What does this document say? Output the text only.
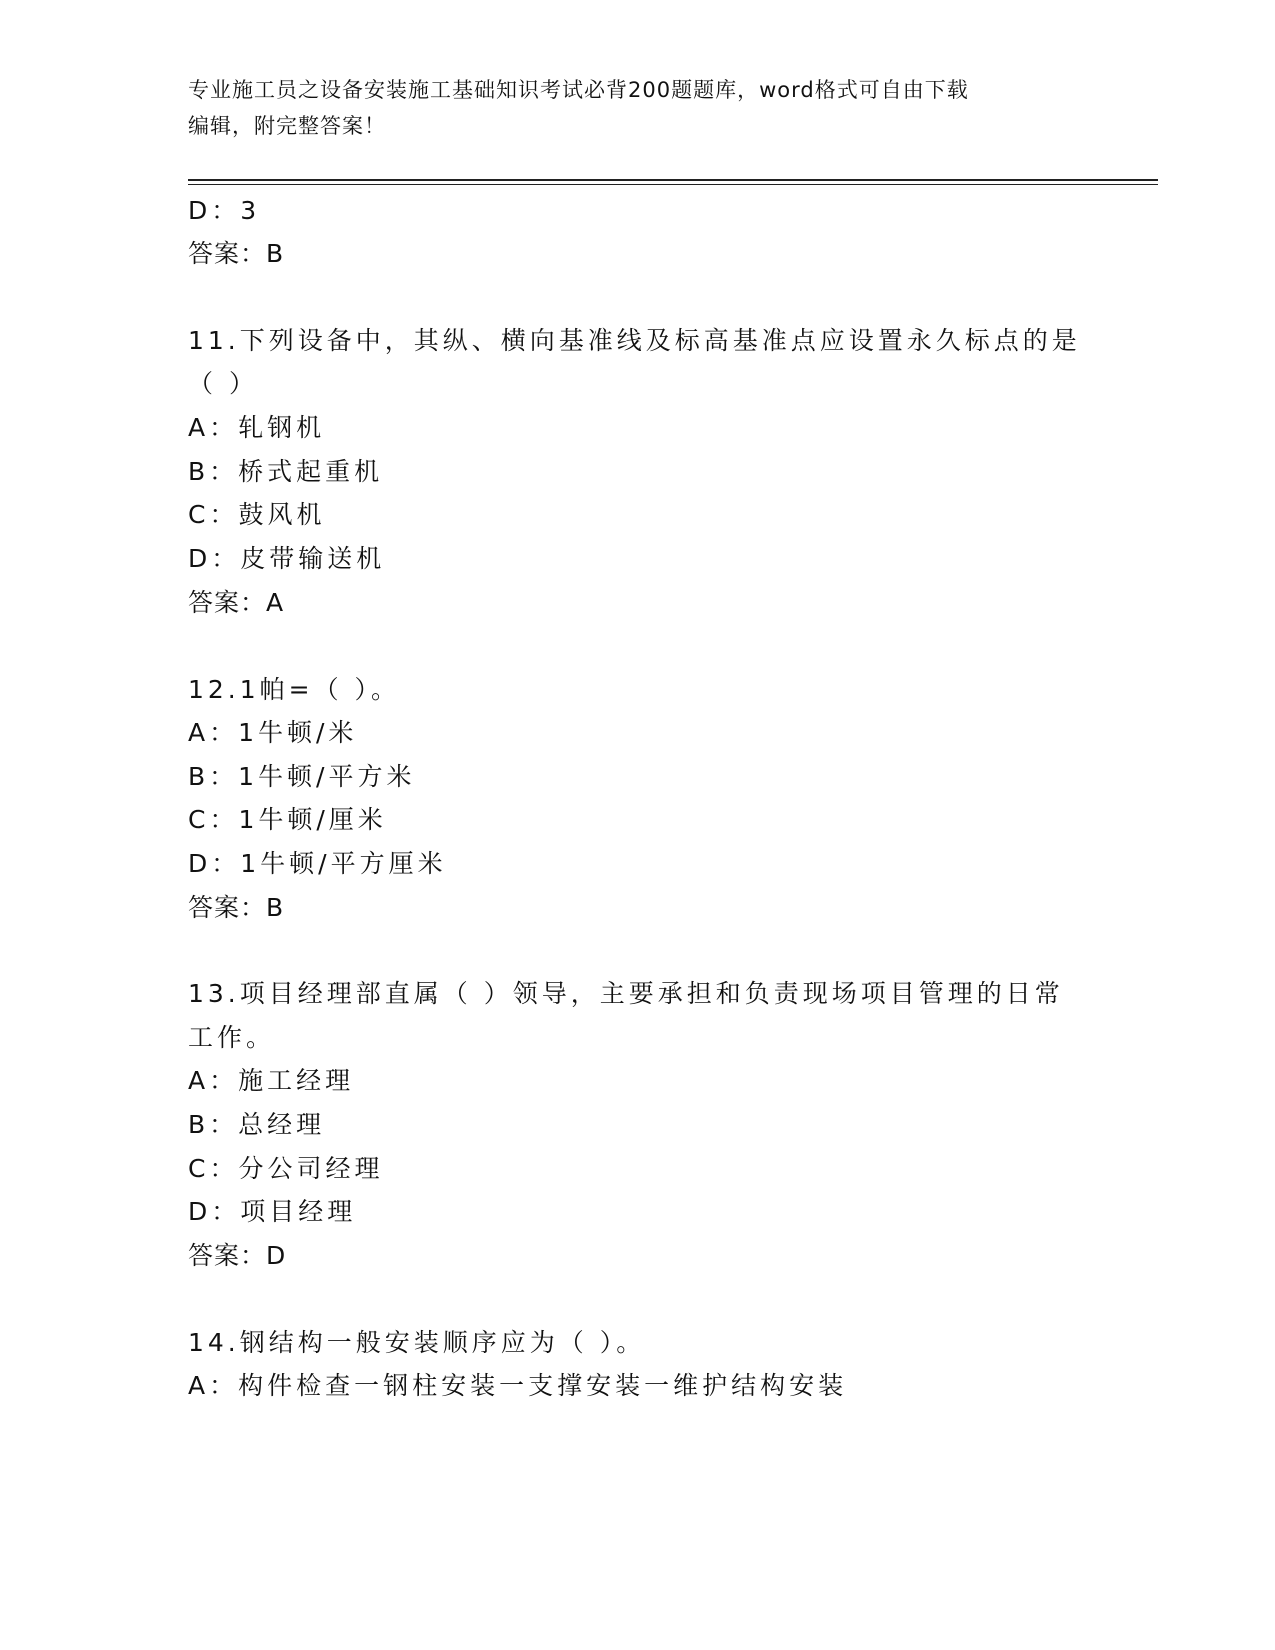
专业施工员之设备安装施工基础知识考试必背200题题库，word格式可自由下载
编辑，附完整答案！
D：3
答案：B
11.下列设备中，其纵、横向基准线及标高基准点应设置永久标点的是
（ ）
A：轧钢机
B：桥式起重机
C：鼓风机
D：皮带输送机
答案：A
12.1帕=（ ）。
A：1牛顿/米
B：1牛顿/平方米
C：1牛顿/厘米
D：1牛顿/平方厘米
答案：B
13.项目经理部直属（ ）领导，主要承担和负责现场项目管理的日常
工作。
A：施工经理
B：总经理
C：分公司经理
D：项目经理
答案：D
14.钢结构一般安装顺序应为（ ）。
A：构件检查一钢柱安装一支撑安装一维护结构安装
